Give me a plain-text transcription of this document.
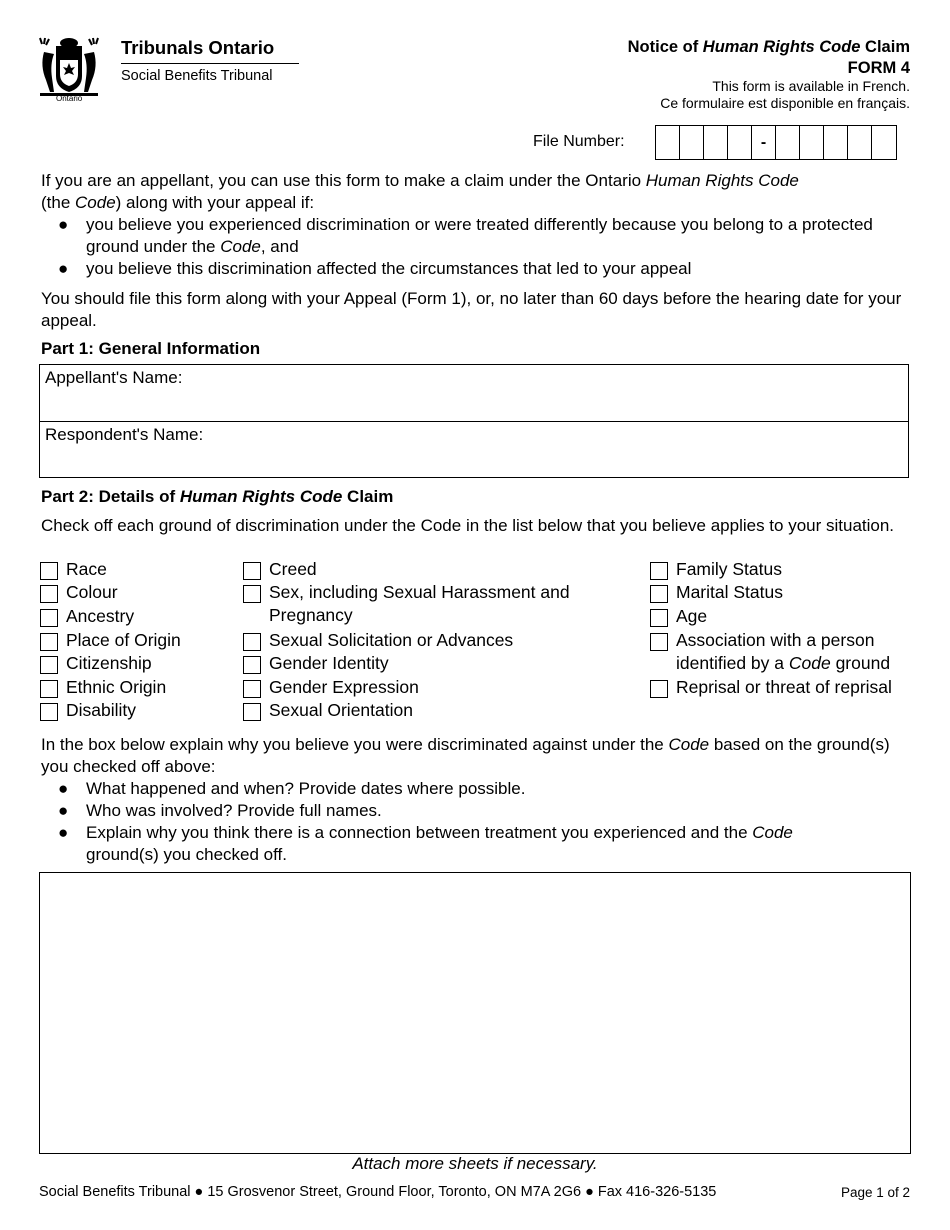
Ontario
Tribunals Ontario
Social Benefits Tribunal
Notice of Human Rights Code Claim
FORM 4
This form is available in French.
Ce formulaire est disponible en français.
File Number:	-
If you are an appellant, you can use this form to make a claim under the Ontario Human Rights Code
(the Code) along with your appeal if:
● you believe you experienced discrimination or were treated differently because you belong to a protected ground under the Code, and
● you believe this discrimination affected the circumstances that led to your appeal
You should file this form along with your Appeal (Form 1), or, no later than 60 days before the hearing date for your appeal.
Part 1: General Information
Appellant's Name:
Respondent's Name:
Part 2: Details of Human Rights Code Claim
Check off each ground of discrimination under the Code in the list below that you believe applies to your situation.
Race
Colour
Ancestry
Place of Origin
Citizenship
Ethnic Origin
Disability
Creed
Sex, including Sexual Harassment and
Pregnancy
Sexual Solicitation or Advances
Gender Identity
Gender Expression
Sexual Orientation
Family Status
Marital Status
Age
Association with a person
identified by a Code ground
Reprisal or threat of reprisal
In the box below explain why you believe you were discriminated against under the Code based on the ground(s) you checked off above:
● What happened and when? Provide dates where possible.
● Who was involved? Provide full names.
● Explain why you think there is a connection between treatment you experienced and the Code
ground(s) you checked off.
Attach more sheets if necessary.
Social Benefits Tribunal ● 15 Grosvenor Street, Ground Floor, Toronto, ON M7A 2G6 ● Fax 416-326-5135	Page 1 of 2
